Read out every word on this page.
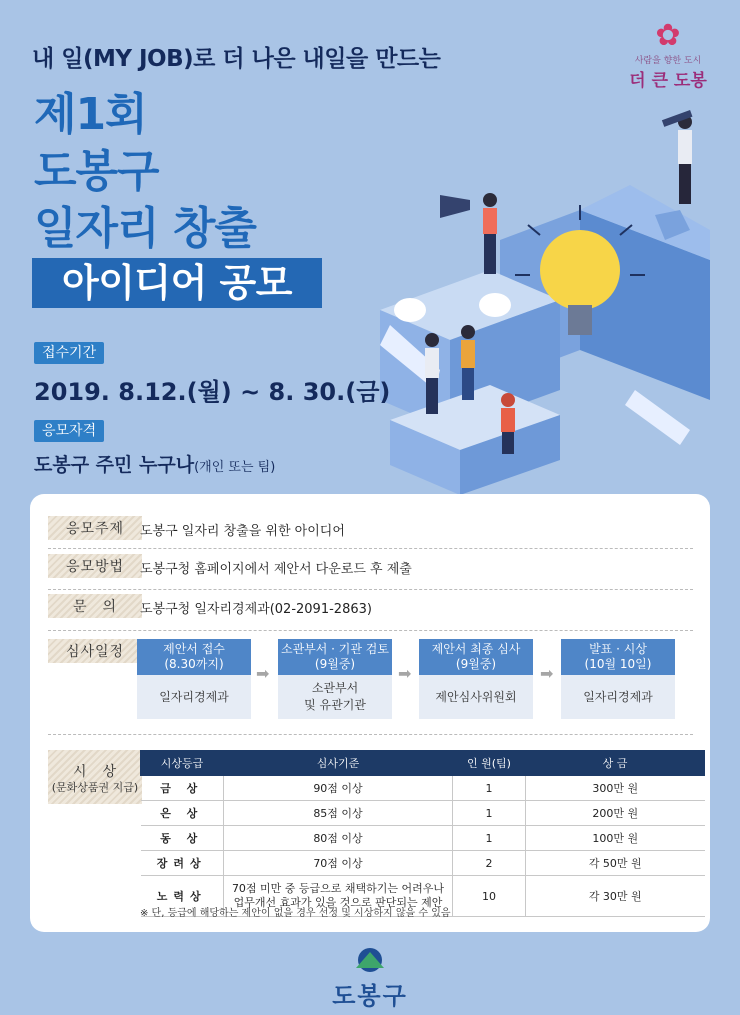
내 일(MY JOB)로 더 나은 내일을 만드는
제1회
도봉구
일자리 창출
아이디어 공모
✿
사람을 향한 도시
더 큰 도봉
접수기간
2019. 8.12.(월) ~ 8. 30.(금)
응모자격
도봉구 주민 누구나(개인 또는 팀)
응모주제	도봉구 일자리 창출을 위한 아이디어
응모방법	도봉구청 홈페이지에서 제안서 다운로드 후 제출
문　의	도봉구청 일자리경제과(02-2091-2863)
심사일정	제안서 접수
(8.30까지)
일자리경제과
➡
소관부서 · 기관 검토
(9월중)
소관부서
및 유관기관
➡
제안서 최종 심사
(9월중)
제안심사위원회
➡
발표 · 시상
(10월 10일)
일자리경제과
시　상
(문화상품권 지급)
시상등급	심사기준	인 원(팀)	상 금
금 상	90점 이상	1	300만 원
은 상	85점 이상	1	200만 원
동 상	80점 이상	1	100만 원
장려상	70점 이상	2	각 50만 원
노력상	70점 미만 중 등급으로 채택하기는 어려우나 업무개선 효과가 있을 것으로 판단되는 제안	10	각 30만 원
※ 단, 등급에 해당하는 제안이 없을 경우 선정 및 시상하지 않을 수 있음
도봉구
